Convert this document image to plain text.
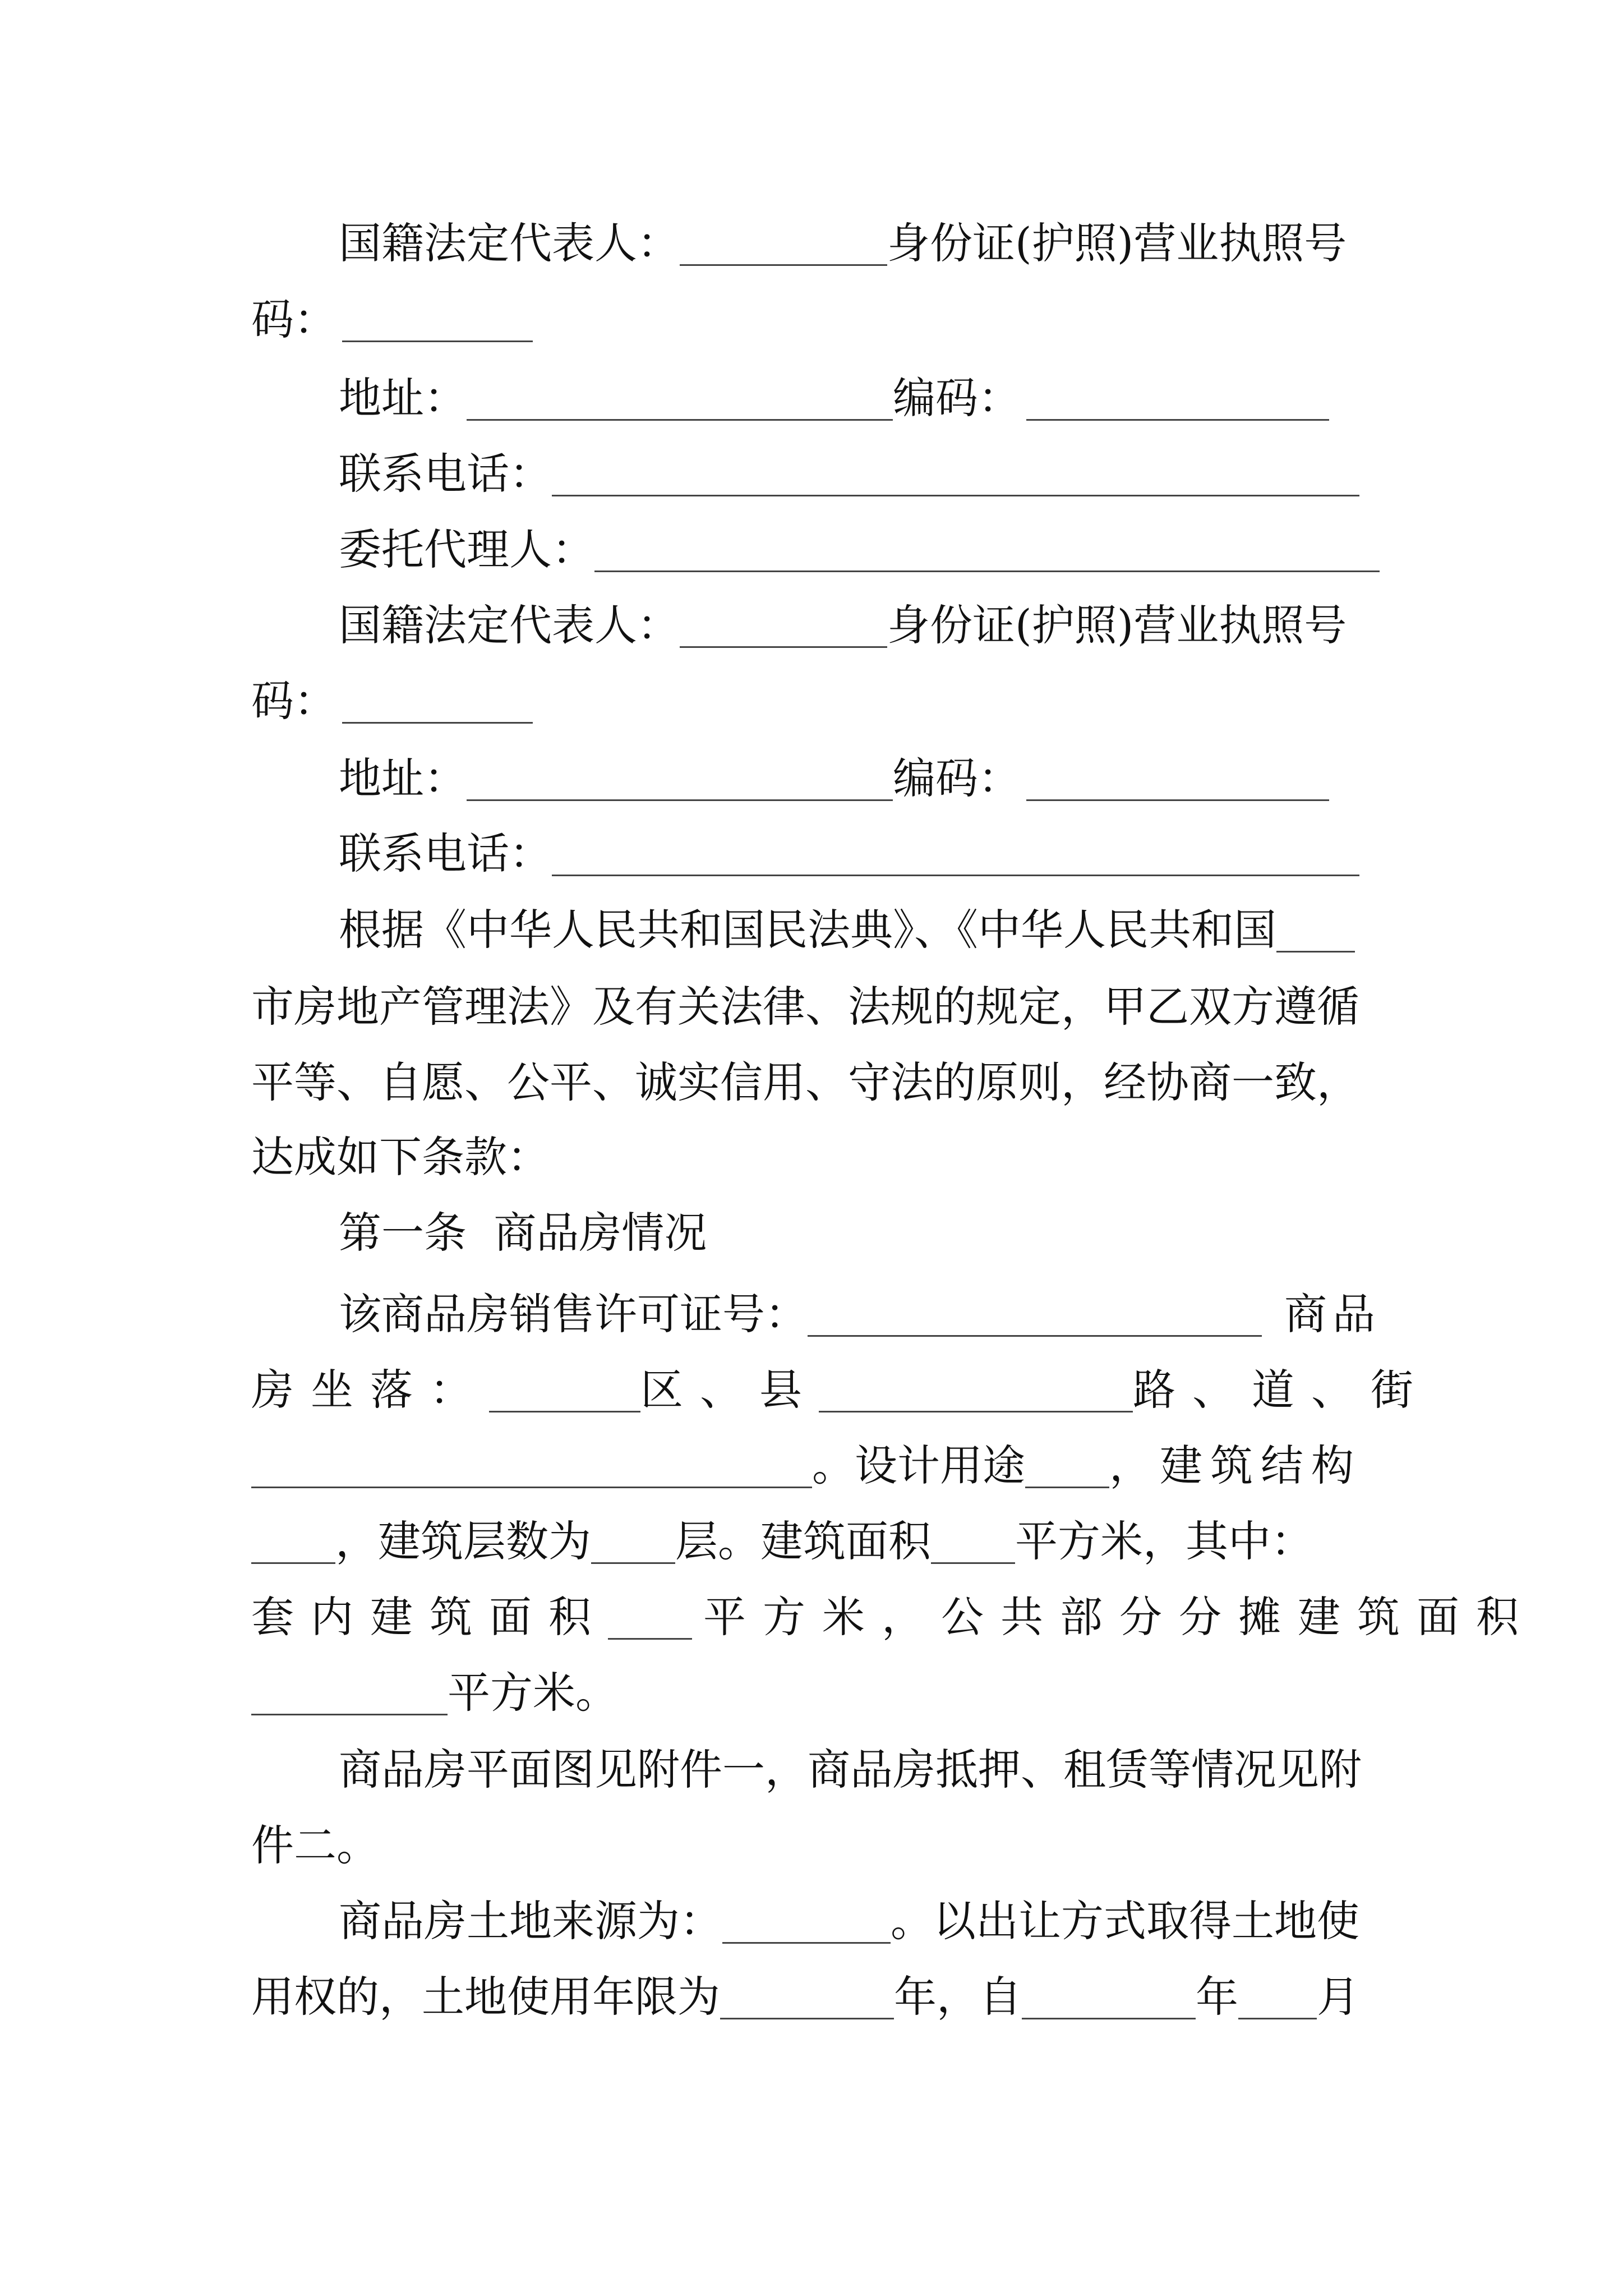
国籍法定代表人：	身份证(护照)营业执照号
码：
地址：	编码：
联系电话：
委托代理人：
国籍法定代表人：	身份证(护照)营业执照号
码：
地址：	编码：
联系电话：
根据《中华人民共和国民法典》、《中华人民共和国
市房地产管理法》及有关法律、法规的规定，甲乙双方遵循
平等、自愿、公平、诚实信用、守法的原则，经协商一致，
达成如下条款：
第一条  商品房情况
该商品房销售许可证号：	商品
房坐落：	区、县	路、道、街
。设计用途 ，建筑结构
，建筑层数为 层。建筑面积 平方米，其中：
套内建筑面积 平方米，公共部分分摊建筑面积
平方米。
商品房平面图见附件一，商品房抵押、租赁等情况见附
件二。
商品房土地来源为：	。以出让方式取得土地使
用权的，土地使用年限为	年，自	年 月
